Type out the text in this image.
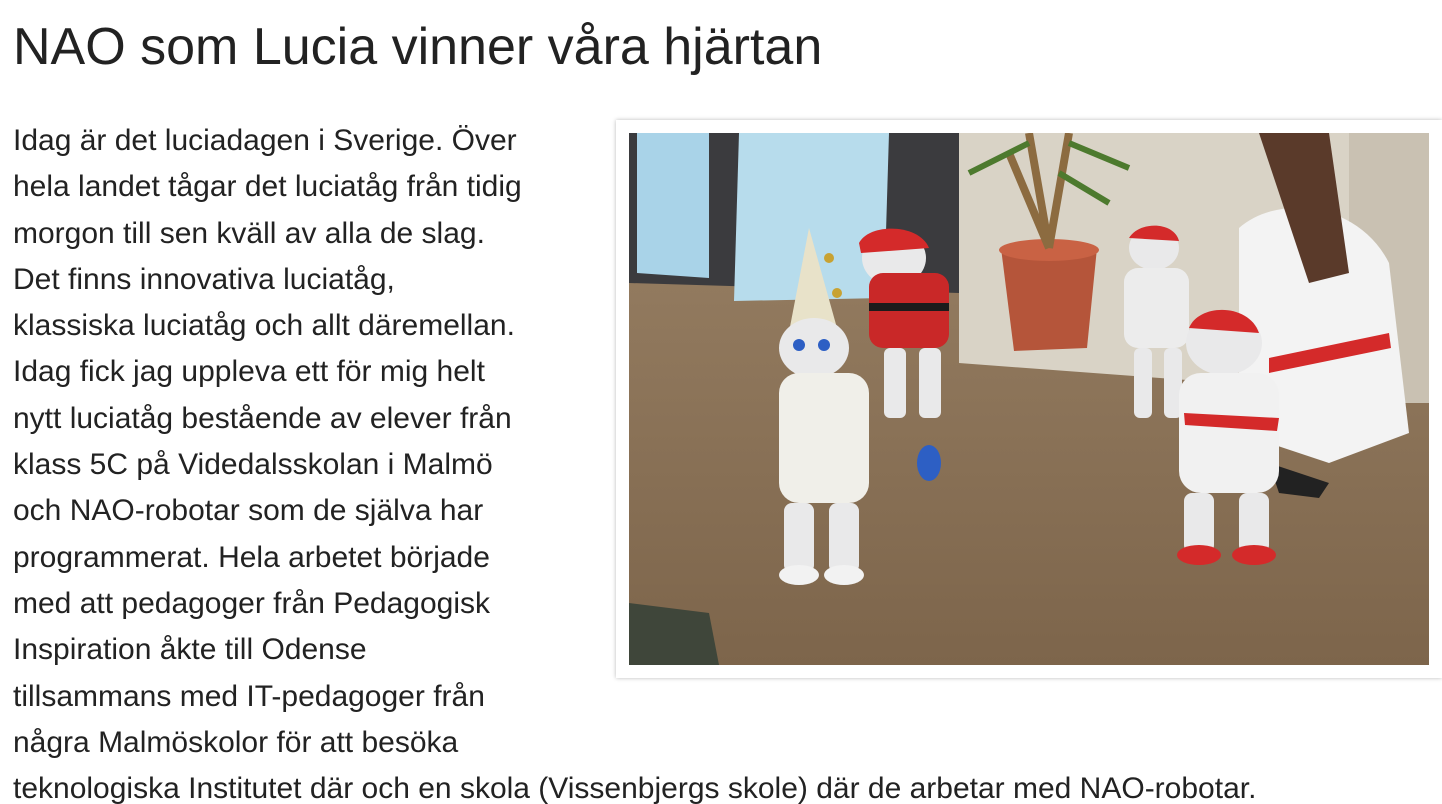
NAO som Lucia vinner våra hjärtan
Idag är det luciadagen i Sverige. Över
hela landet tågar det luciatåg från tidig
morgon till sen kväll av alla de slag.
Det finns innovativa luciatåg,
klassiska luciatåg och allt däremellan.
Idag fick jag uppleva ett för mig helt
nytt luciatåg bestående av elever från
klass 5C på Videdalsskolan i Malmö
och NAO-robotar som de själva har
programmerat. Hela arbetet började
med att pedagoger från Pedagogisk
Inspiration åkte till Odense
tillsammans med IT-pedagoger från
några Malmöskolor för att besöka
teknologiska Institutet där och en skola (Vissenbjergs skole) där de arbetar med NAO-robotar.
